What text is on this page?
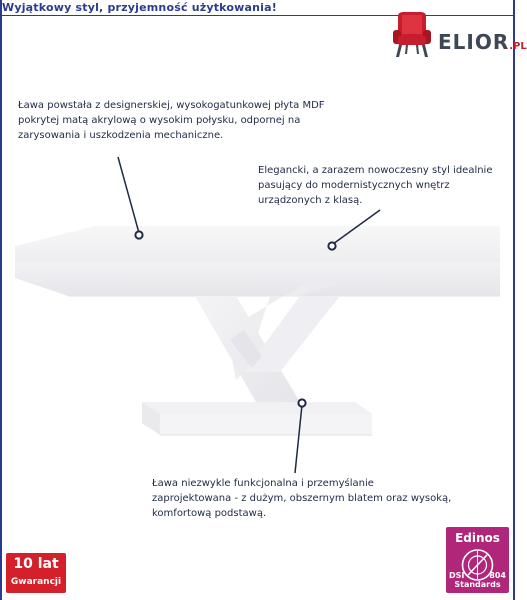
Wyjątkowy styl, przyjemność użytkowania!
ELIOR.PL
Ława powstała z designerskiej, wysokogatunkowej płyta MDF pokrytej matą akrylową o wysokim połysku, odpornej na zarysowania i uszkodzenia mechaniczne.
Elegancki, a zarazem nowoczesny styl idealnie pasujący do modernistycznych wnętrz urządzonych z klasą.
Ława niezwykle funkcjonalna i przemyślanie zaprojektowana - z dużym, obszernym blatem oraz wysoką, komfortową podstawą.
10 lat
Gwarancji
Edinos
DSI	804
Standards
